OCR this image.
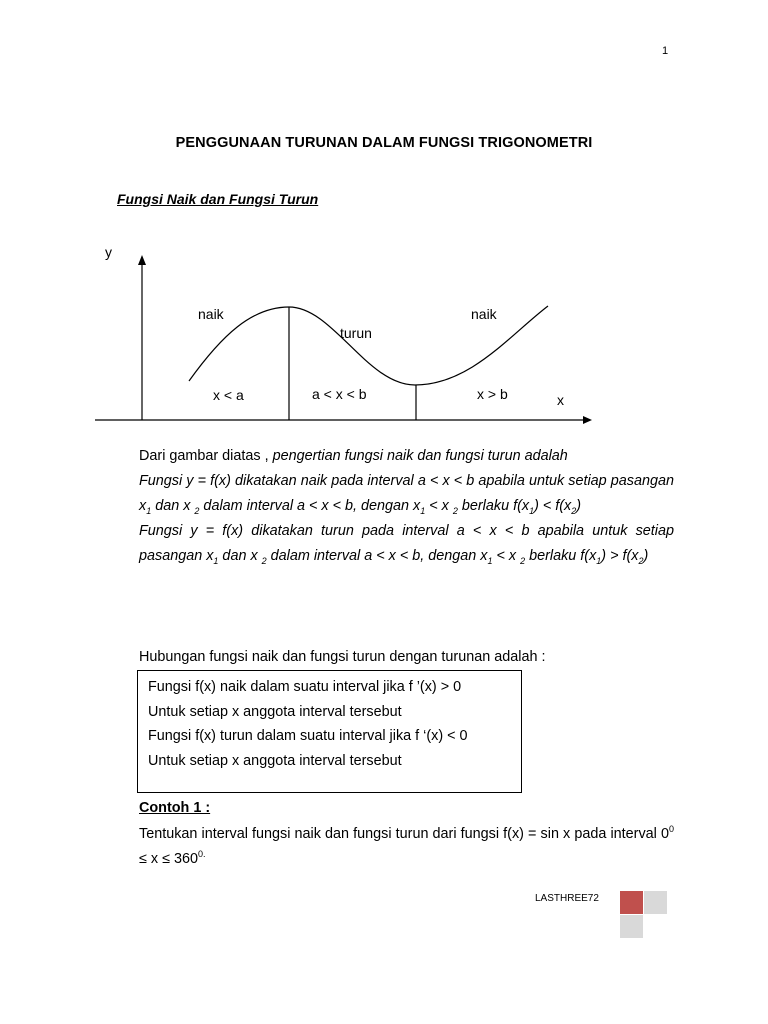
1
PENGGUNAAN TURUNAN DALAM FUNGSI TRIGONOMETRI
Fungsi Naik dan Fungsi Turun
y
x
naik
turun
naik
x < a	a < x < b	x > b
Dari gambar diatas , pengertian fungsi naik dan fungsi turun adalah
Fungsi y = f(x) dikatakan naik pada interval a < x < b apabila untuk setiap pasangan $x_1$ dan x $_2$ dalam interval a < x < b, dengan $x_1 < x$ $_2$ berlaku $f(x_1) < f(x_2)$
Fungsi y = f(x) dikatakan turun pada interval a < x < b apabila untuk setiap pasangan $x_1$ dan x $_2$ dalam interval a < x < b, dengan $x_1 < x$ $_2$ berlaku $f(x_1) > f(x_2)$
Hubungan fungsi naik dan fungsi turun dengan turunan adalah :
Fungsi f(x) naik dalam suatu interval jika f ’(x) > 0
Untuk setiap x anggota interval tersebut
Fungsi f(x) turun dalam suatu interval jika f ‘(x) < 0
Untuk setiap x anggota interval tersebut
Contoh 1 :
Tentukan interval fungsi naik dan fungsi turun dari fungsi f(x) = sin x pada interval $0^0 \le x \le 360^{0.}$
LASTHREE72
